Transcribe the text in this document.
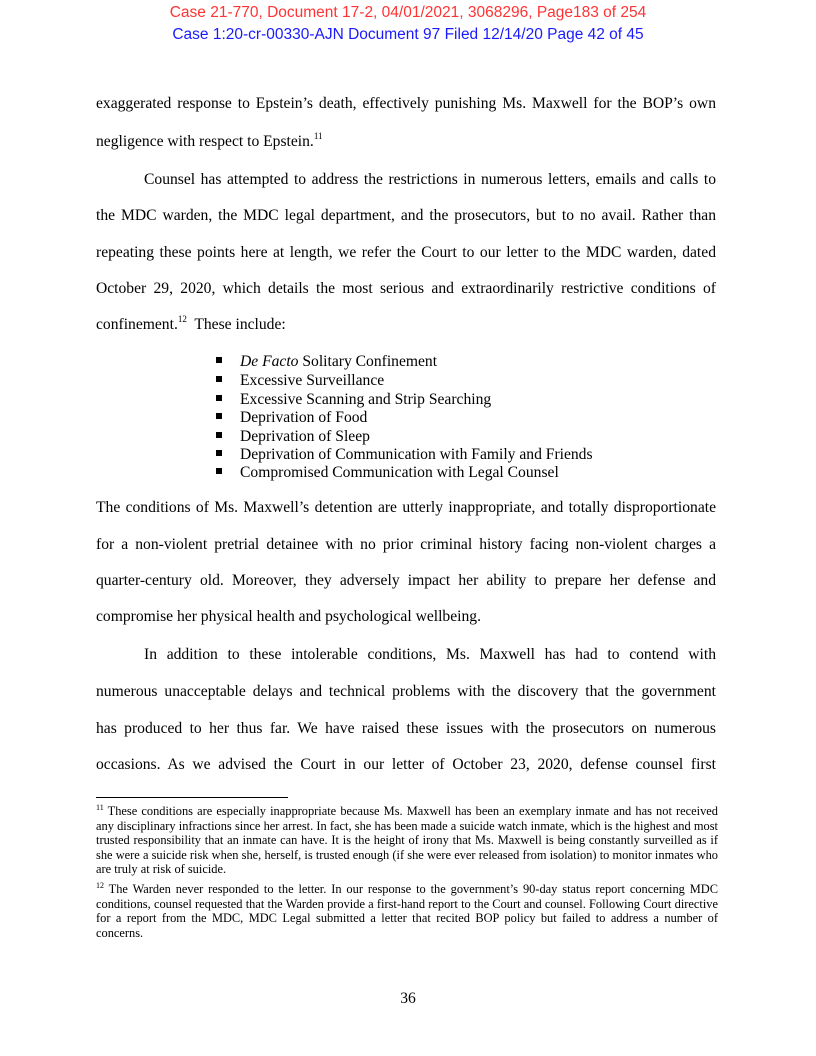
Case 21-770, Document 17-2, 04/01/2021, 3068296, Page183 of 254
Case 1:20-cr-00330-AJN Document 97 Filed 12/14/20 Page 42 of 45
exaggerated response to Epstein’s death, effectively punishing Ms. Maxwell for the BOP’s own
negligence with respect to Epstein.$^{11}$
Counsel has attempted to address the restrictions in numerous letters, emails and calls to
the MDC warden, the MDC legal department, and the prosecutors, but to no avail. Rather than
repeating these points here at length, we refer the Court to our letter to the MDC warden, dated
October 29, 2020, which details the most serious and extraordinarily restrictive conditions of
confinement.$^{12}$  These include:
De Facto Solitary Confinement
Excessive Surveillance
Excessive Scanning and Strip Searching
Deprivation of Food
Deprivation of Sleep
Deprivation of Communication with Family and Friends
Compromised Communication with Legal Counsel
The conditions of Ms. Maxwell’s detention are utterly inappropriate, and totally disproportionate
for a non-violent pretrial detainee with no prior criminal history facing non-violent charges a
quarter-century old. Moreover, they adversely impact her ability to prepare her defense and
compromise her physical health and psychological wellbeing.
In addition to these intolerable conditions, Ms. Maxwell has had to contend with
numerous unacceptable delays and technical problems with the discovery that the government
has produced to her thus far. We have raised these issues with the prosecutors on numerous
occasions. As we advised the Court in our letter of October 23, 2020, defense counsel first
$^{11}$ These conditions are especially inappropriate because Ms. Maxwell has been an exemplary inmate and has not received any disciplinary infractions since her arrest. In fact, she has been made a suicide watch inmate, which is the highest and most trusted responsibility that an inmate can have. It is the height of irony that Ms. Maxwell is being constantly surveilled as if she were a suicide risk when she, herself, is trusted enough (if she were ever released from isolation) to monitor inmates who are truly at risk of suicide.
$^{12}$ The Warden never responded to the letter. In our response to the government’s 90-day status report concerning MDC conditions, counsel requested that the Warden provide a first-hand report to the Court and counsel. Following Court directive for a report from the MDC, MDC Legal submitted a letter that recited BOP policy but failed to address a number of concerns.
36
